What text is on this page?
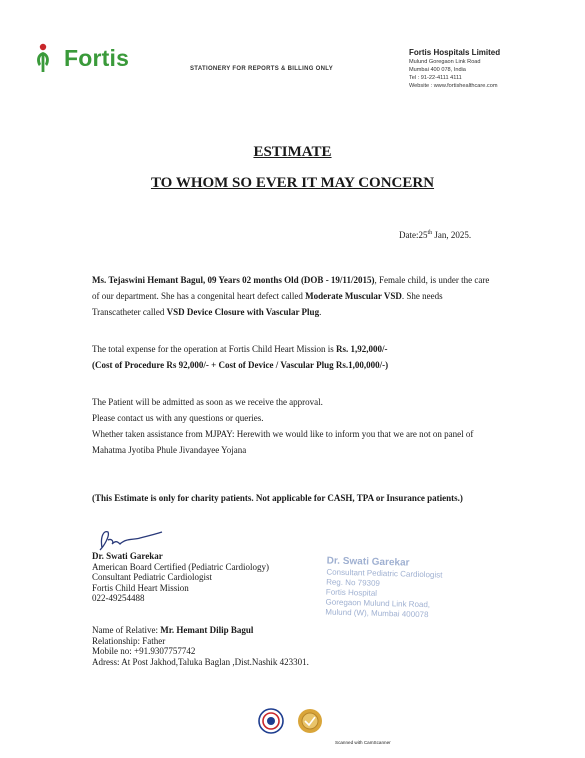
Fortis	STATIONERY FOR REPORTS & BILLING ONLY
Fortis Hospitals Limited
Mulund Goregaon Link Road
Mumbai 400 078, India
Tel : 91-22-4111 4111
Website : www.fortishealthcare.com
ESTIMATE
TO WHOM SO EVER IT MAY CONCERN
Date:25th Jan, 2025.
Ms. Tejaswini Hemant Bagul, 09 Years 02 months Old (DOB - 19/11/2015), Female child, is under the care of our department. She has a congenital heart defect called Moderate Muscular VSD. She needs Transcatheter called VSD Device Closure with Vascular Plug.
The total expense for the operation at Fortis Child Heart Mission is Rs. 1,92,000/-
(Cost of Procedure Rs 92,000/- + Cost of Device / Vascular Plug Rs.1,00,000/-)
The Patient will be admitted as soon as we receive the approval.
Please contact us with any questions or queries.
Whether taken assistance from MJPAY: Herewith we would like to inform you that we are not on panel of Mahatma Jyotiba Phule Jivandayee Yojana
(This Estimate is only for charity patients. Not applicable for CASH, TPA or Insurance patients.)
Dr. Swati Garekar
American Board Certified (Pediatric Cardiology)
Consultant Pediatric Cardiologist
Fortis Child Heart Mission
022-49254488
Name of Relative: Mr. Hemant Dilip Bagul
Relationship: Father
Mobile no: +91.9307757742
Adress: At Post Jakhod,Taluka Baglan ,Dist.Nashik 423301.
Dr. Swati Garekar
Consultant Pediatric Cardiologist
Reg. No 79309
Fortis Hospital
Goregaon Mulund Link Road,
Mulund (W), Mumbai 400078
Scanned with CamScanner
